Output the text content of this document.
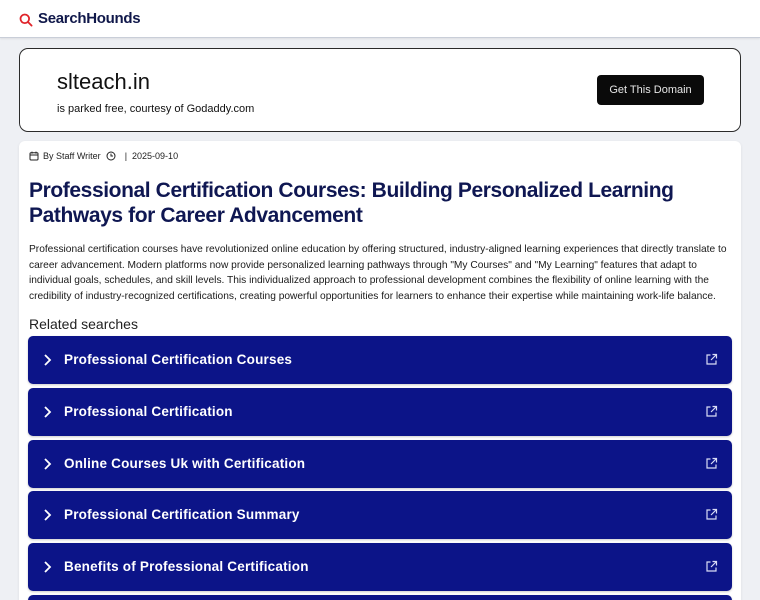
SearchHounds
slteach.in
is parked free, courtesy of Godaddy.com
Get This Domain
By Staff Writer	| 2025-09-10
Professional Certification Courses: Building Personalized Learning Pathways for Career Advancement

Professional certification courses have revolutionized online education by offering structured, industry-aligned learning experiences that directly translate to career advancement. Modern platforms now provide personalized learning pathways through "My Courses" and "My Learning" features that adapt to individual goals, schedules, and skill levels. This individualized approach to professional development combines the flexibility of online learning with the credibility of industry-recognized certifications, creating powerful opportunities for learners to enhance their expertise while maintaining work-life balance.

Related searches
Professional Certification Courses
Professional Certification
Online Courses Uk with Certification
Professional Certification Summary
Benefits of Professional Certification
